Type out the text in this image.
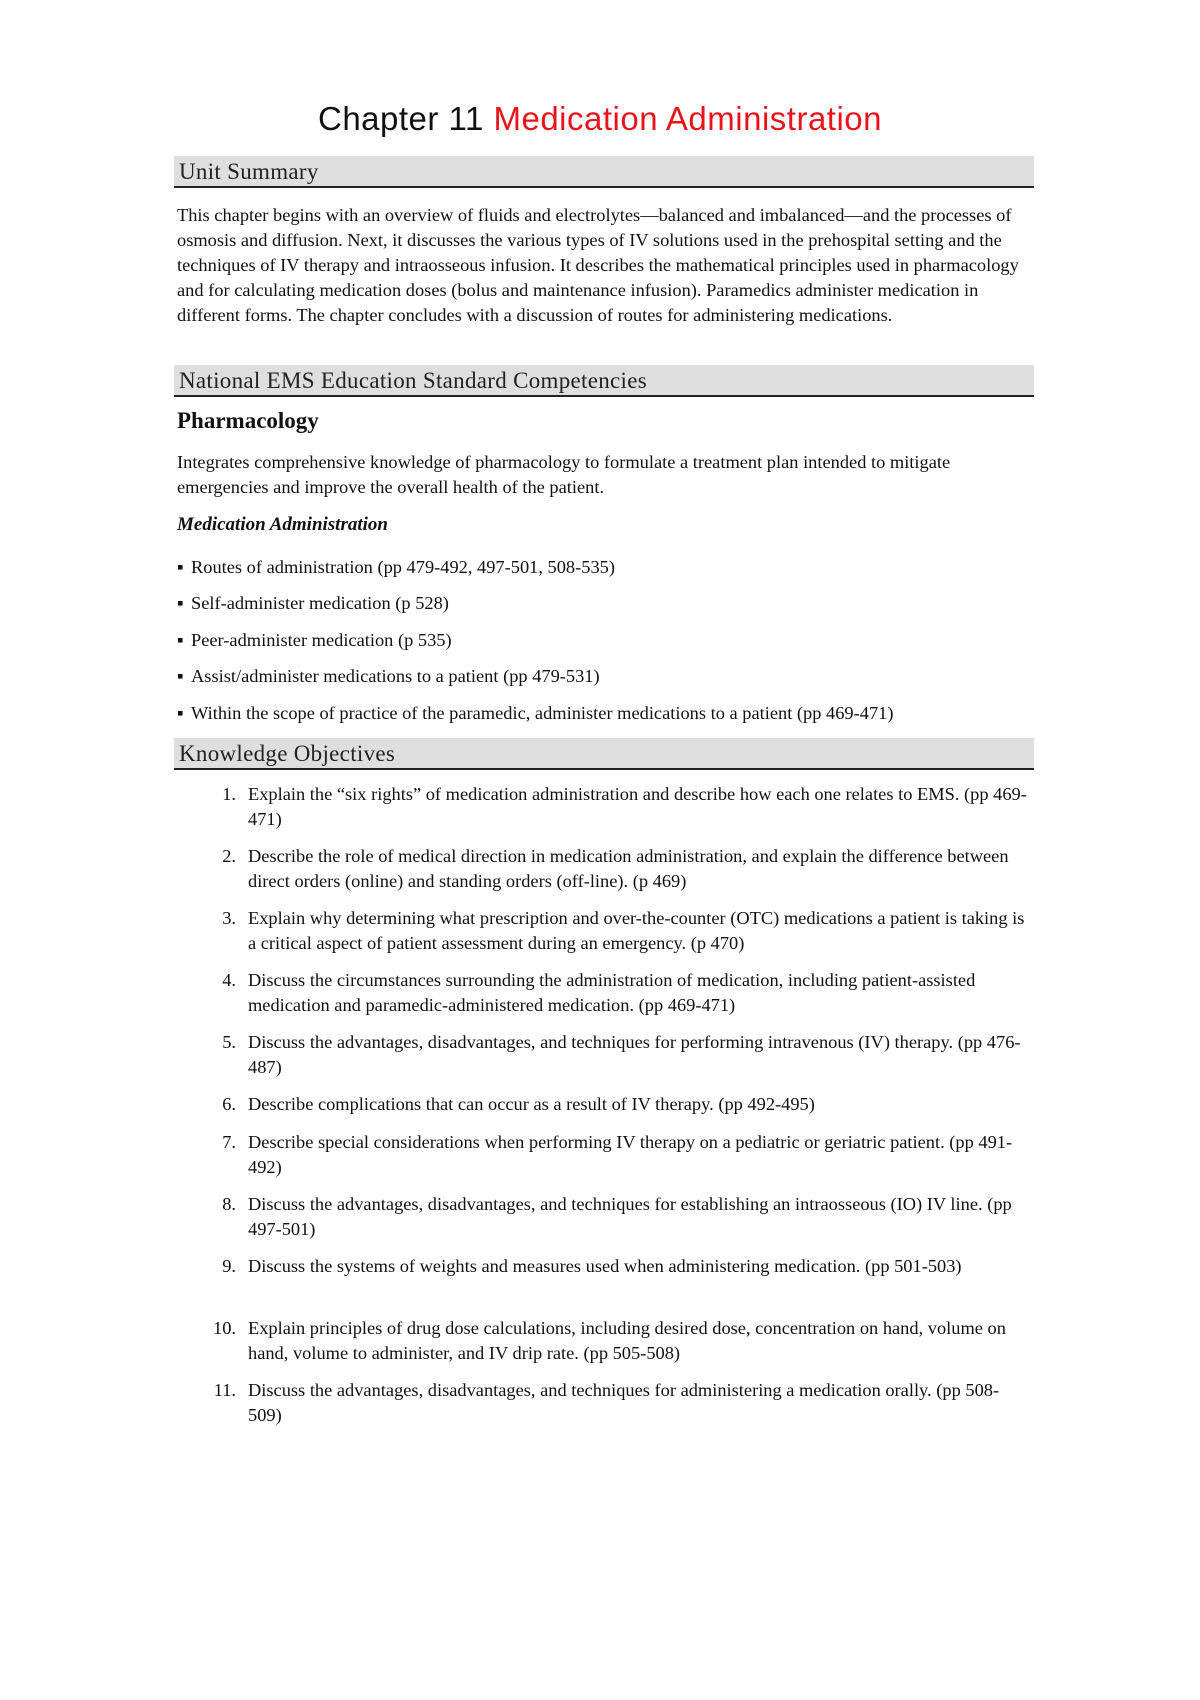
Chapter 11 Medication Administration
Unit Summary

This chapter begins with an overview of fluids and electrolytes—balanced and imbalanced—and the processes of osmosis and diffusion. Next, it discusses the various types of IV solutions used in the prehospital setting and the techniques of IV therapy and intraosseous infusion. It describes the mathematical principles used in pharmacology and for calculating medication doses (bolus and maintenance infusion). Paramedics administer medication in different forms. The chapter concludes with a discussion of routes for administering medications.

National EMS Education Standard Competencies
Pharmacology

Integrates comprehensive knowledge of pharmacology to formulate a treatment plan intended to mitigate emergencies and improve the overall health of the patient.

Medication Administration

▪ Routes of administration (pp 479-492, 497-501, 508-535)

▪ Self-administer medication (p 528)

▪ Peer-administer medication (p 535)

▪ Assist/administer medications to a patient (pp 479-531)

▪ Within the scope of practice of the paramedic, administer medications to a patient (pp 469-471)

Knowledge Objectives
1. Explain the “six rights” of medication administration and describe how each one relates to EMS. (pp 469-471)
2. Describe the role of medical direction in medication administration, and explain the difference between direct orders (online) and standing orders (off-line). (p 469)
3. Explain why determining what prescription and over-the-counter (OTC) medications a patient is taking is a critical aspect of patient assessment during an emergency. (p 470)
4. Discuss the circumstances surrounding the administration of medication, including patient-assisted medication and paramedic-administered medication. (pp 469-471)
5. Discuss the advantages, disadvantages, and techniques for performing intravenous (IV) therapy. (pp 476-487)
6. Describe complications that can occur as a result of IV therapy. (pp 492-495)
7. Describe special considerations when performing IV therapy on a pediatric or geriatric patient. (pp 491-492)
8. Discuss the advantages, disadvantages, and techniques for establishing an intraosseous (IO) IV line. (pp 497-501)
9. Discuss the systems of weights and measures used when administering medication. (pp 501-503)
10. Explain principles of drug dose calculations, including desired dose, concentration on hand, volume on hand, volume to administer, and IV drip rate. (pp 505-508)
11. Discuss the advantages, disadvantages, and techniques for administering a medication orally. (pp 508-509)
